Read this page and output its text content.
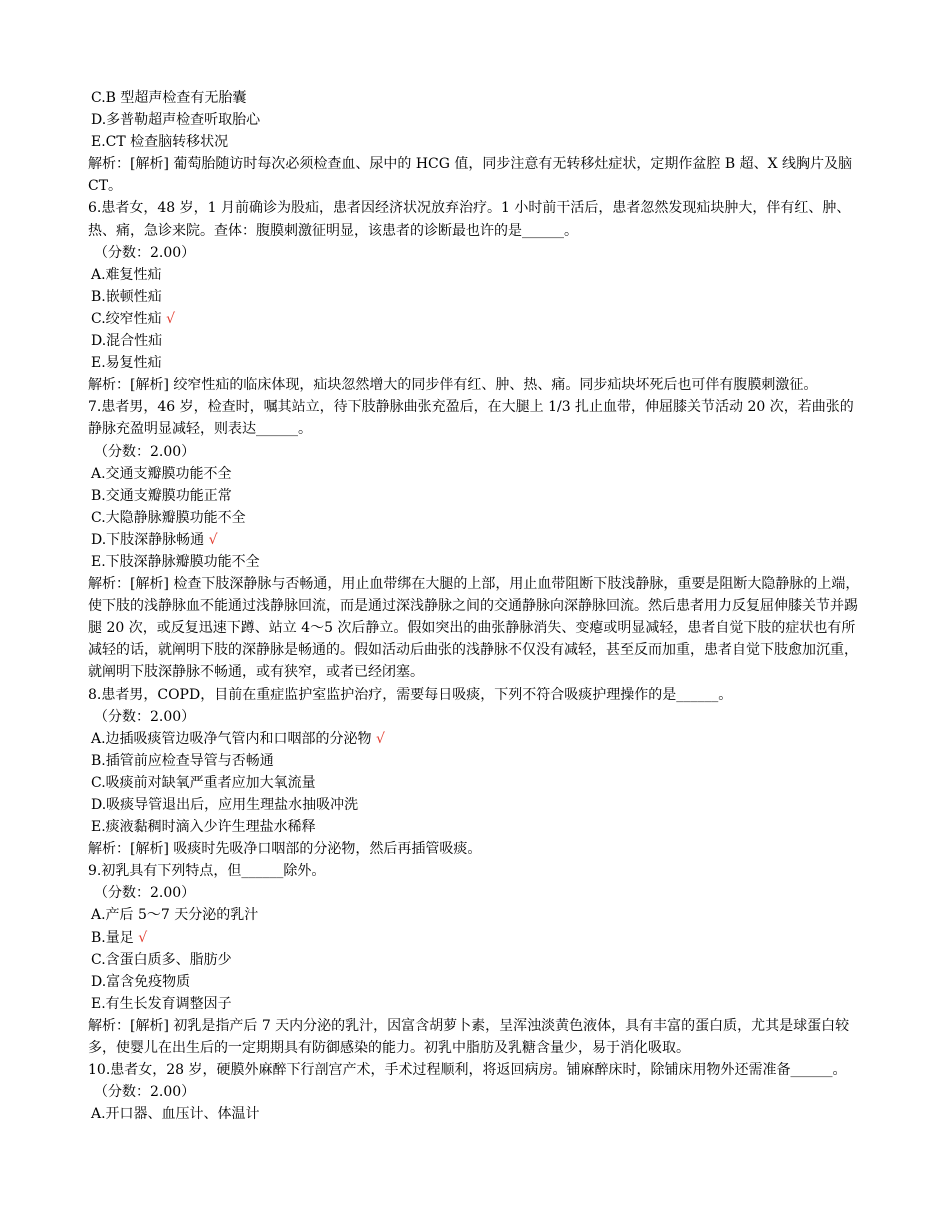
C.B 型超声检查有无胎囊
D.多普勒超声检查听取胎心
E.CT 检查脑转移状况
解析：[解析] 葡萄胎随访时每次必须检查血、尿中的 HCG 值，同步注意有无转移灶症状，定期作盆腔 B 超、X 线胸片及脑 CT。
6.患者女，48 岁，1 月前确诊为股疝，患者因经济状况放弃治疗。1 小时前干活后，患者忽然发现疝块肿大，伴有红、肿、热、痛，急诊来院。查体：腹膜刺激征明显，该患者的诊断最也许的是______。
（分数：2.00）
A.难复性疝
B.嵌顿性疝
C.绞窄性疝 √
D.混合性疝
E.易复性疝
解析：[解析] 绞窄性疝的临床体现，疝块忽然增大的同步伴有红、肿、热、痛。同步疝块坏死后也可伴有腹膜刺激征。
7.患者男，46 岁，检查时，嘱其站立，待下肢静脉曲张充盈后，在大腿上 1/3 扎止血带，伸屈膝关节活动 20 次，若曲张的静脉充盈明显减轻，则表达______。
（分数：2.00）
A.交通支瓣膜功能不全
B.交通支瓣膜功能正常
C.大隐静脉瓣膜功能不全
D.下肢深静脉畅通 √
E.下肢深静脉瓣膜功能不全
解析：[解析] 检查下肢深静脉与否畅通，用止血带绑在大腿的上部，用止血带阻断下肢浅静脉，重要是阻断大隐静脉的上端，使下肢的浅静脉血不能通过浅静脉回流，而是通过深浅静脉之间的交通静脉向深静脉回流。然后患者用力反复屈伸膝关节并踢腿 20 次，或反复迅速下蹲、站立 4～5 次后静立。假如突出的曲张静脉消失、变瘪或明显减轻，患者自觉下肢的症状也有所减轻的话，就阐明下肢的深静脉是畅通的。假如活动后曲张的浅静脉不仅没有减轻，甚至反而加重，患者自觉下肢愈加沉重，就阐明下肢深静脉不畅通，或有狭窄，或者已经闭塞。
8.患者男，COPD，目前在重症监护室监护治疗，需要每日吸痰，下列不符合吸痰护理操作的是______。
（分数：2.00）
A.边插吸痰管边吸净气管内和口咽部的分泌物 √
B.插管前应检查导管与否畅通
C.吸痰前对缺氧严重者应加大氧流量
D.吸痰导管退出后，应用生理盐水抽吸冲洗
E.痰液黏稠时滴入少许生理盐水稀释
解析：[解析] 吸痰时先吸净口咽部的分泌物，然后再插管吸痰。
9.初乳具有下列特点，但______除外。
（分数：2.00）
A.产后 5～7 天分泌的乳汁
B.量足 √
C.含蛋白质多、脂肪少
D.富含免疫物质
E.有生长发育调整因子
解析：[解析] 初乳是指产后 7 天内分泌的乳汁，因富含胡萝卜素，呈浑浊淡黄色液体，具有丰富的蛋白质，尤其是球蛋白较多，使婴儿在出生后的一定期期具有防御感染的能力。初乳中脂肪及乳糖含量少，易于消化吸取。
10.患者女，28 岁，硬膜外麻醉下行剖宫产术，手术过程顺利，将返回病房。铺麻醉床时，除铺床用物外还需准备______。
（分数：2.00）
A.开口器、血压计、体温计
